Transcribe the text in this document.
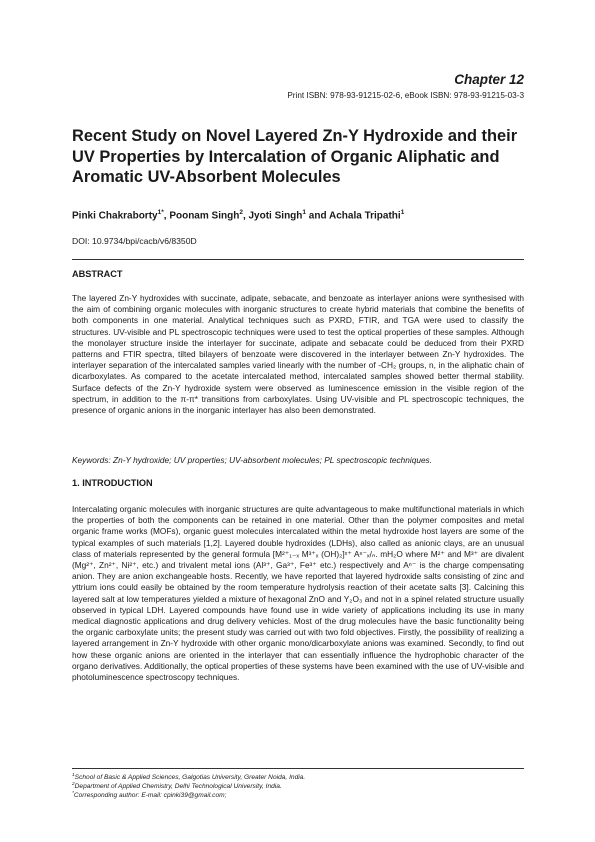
Chapter 12
Print ISBN: 978-93-91215-02-6, eBook ISBN: 978-93-91215-03-3
Recent Study on Novel Layered Zn-Y Hydroxide and their UV Properties by Intercalation of Organic Aliphatic and Aromatic UV-Absorbent Molecules
Pinki Chakraborty$^{1*}$, Poonam Singh$^2$, Jyoti Singh$^1$ and Achala Tripathi$^1$
DOI: 10.9734/bpi/cacb/v6/8350D
ABSTRACT

The layered Zn-Y hydroxides with succinate, adipate, sebacate, and benzoate as interlayer anions were synthesised with the aim of combining organic molecules with inorganic structures to create hybrid materials that combine the benefits of both components in one material. Analytical techniques such as PXRD, FTIR, and TGA were used to classify the structures. UV-visible and PL spectroscopic techniques were used to test the optical properties of these samples. Although the monolayer structure inside the interlayer for succinate, adipate and sebacate could be deduced from their PXRD patterns and FTIR spectra, tilted bilayers of benzoate were discovered in the interlayer between Zn-Y hydroxides. The interlayer separation of the intercalated samples varied linearly with the number of -CH₂ groups, n, in the aliphatic chain of dicarboxylates. As compared to the acetate intercalated method, intercalated samples showed better thermal stability. Surface defects of the Zn-Y hydroxide system were observed as luminescence emission in the visible region of the spectrum, in addition to the π-π* transitions from carboxylates. Using UV-visible and PL spectroscopic techniques, the presence of organic anions in the inorganic interlayer has also been demonstrated.

Keywords: Zn-Y hydroxide; UV properties; UV-absorbent molecules; PL spectroscopic techniques.
1. INTRODUCTION

Intercalating organic molecules with inorganic structures are quite advantageous to make multifunctional materials in which the properties of both the components can be retained in one material. Other than the polymer composites and metal organic frame works (MOFs), organic guest molecules intercalated within the metal hydroxide host layers are some of the typical examples of such materials [1,2]. Layered double hydroxides (LDHs), also called as anionic clays, are an unusual class of materials represented by the general formula [M²⁺₁₋ₓ M³⁺ₓ (OH)₂]ˣ⁺ Aⁿ⁻ₓ/ₙ. mH₂O where M²⁺ and M³⁺ are divalent (Mg²⁺, Zn²⁺, Ni²⁺, etc.) and trivalent metal ions (Al³⁺, Ga³⁺, Fe³⁺ etc.) respectively and Aⁿ⁻ is the charge compensating anion. They are anion exchangeable hosts. Recently, we have reported that layered hydroxide salts consisting of zinc and yttrium ions could easily be obtained by the room temperature hydrolysis reaction of their acetate salts [3]. Calcining this layered salt at low temperatures yielded a mixture of hexagonal ZnO and Y₂O₃ and not in a spinel related structure usually observed in typical LDH. Layered compounds have found use in wide variety of applications including its use in many medical diagnostic applications and drug delivery vehicles. Most of the drug molecules have the basic functionality being the organic carboxylate units; the present study was carried out with two fold objectives. Firstly, the possibility of realizing a layered arrangement in Zn-Y hydroxide with other organic mono/dicarboxylate anions was examined. Secondly, to find out how these organic anions are oriented in the interlayer that can essentially influence the hydrophobic character of the organo derivatives. Additionally, the optical properties of these systems have been examined with the use of UV-visible and photoluminescence spectroscopy techniques.

$^1$School of Basic & Applied Sciences, Galgotias University, Greater Noida, India.
$^2$Department of Applied Chemistry, Delhi Technological University, India.
*Corresponding author: E-mail: cpinki39@gmail.com;
